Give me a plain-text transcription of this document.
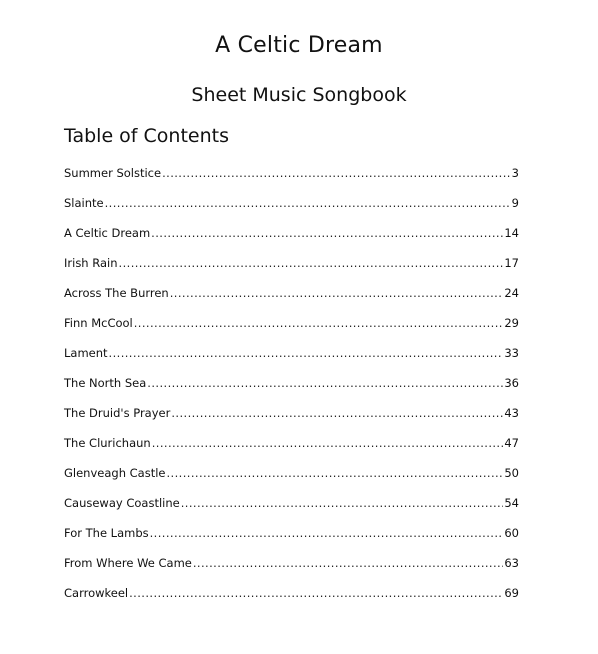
A Celtic Dream
Sheet Music Songbook
Table of Contents
Summer Solstice .....	3
Slainte .....	9
A Celtic Dream .....	14
Irish Rain .....	17
Across The Burren .....	24
Finn McCool .....	29
Lament .....	33
The North Sea .....	36
The Druid's Prayer .....	43
The Clurichaun .....	47
Glenveagh Castle .....	50
Causeway Coastline .....	54
For The Lambs .....	60
From Where We Came .....	63
Carrowkeel .....	69
